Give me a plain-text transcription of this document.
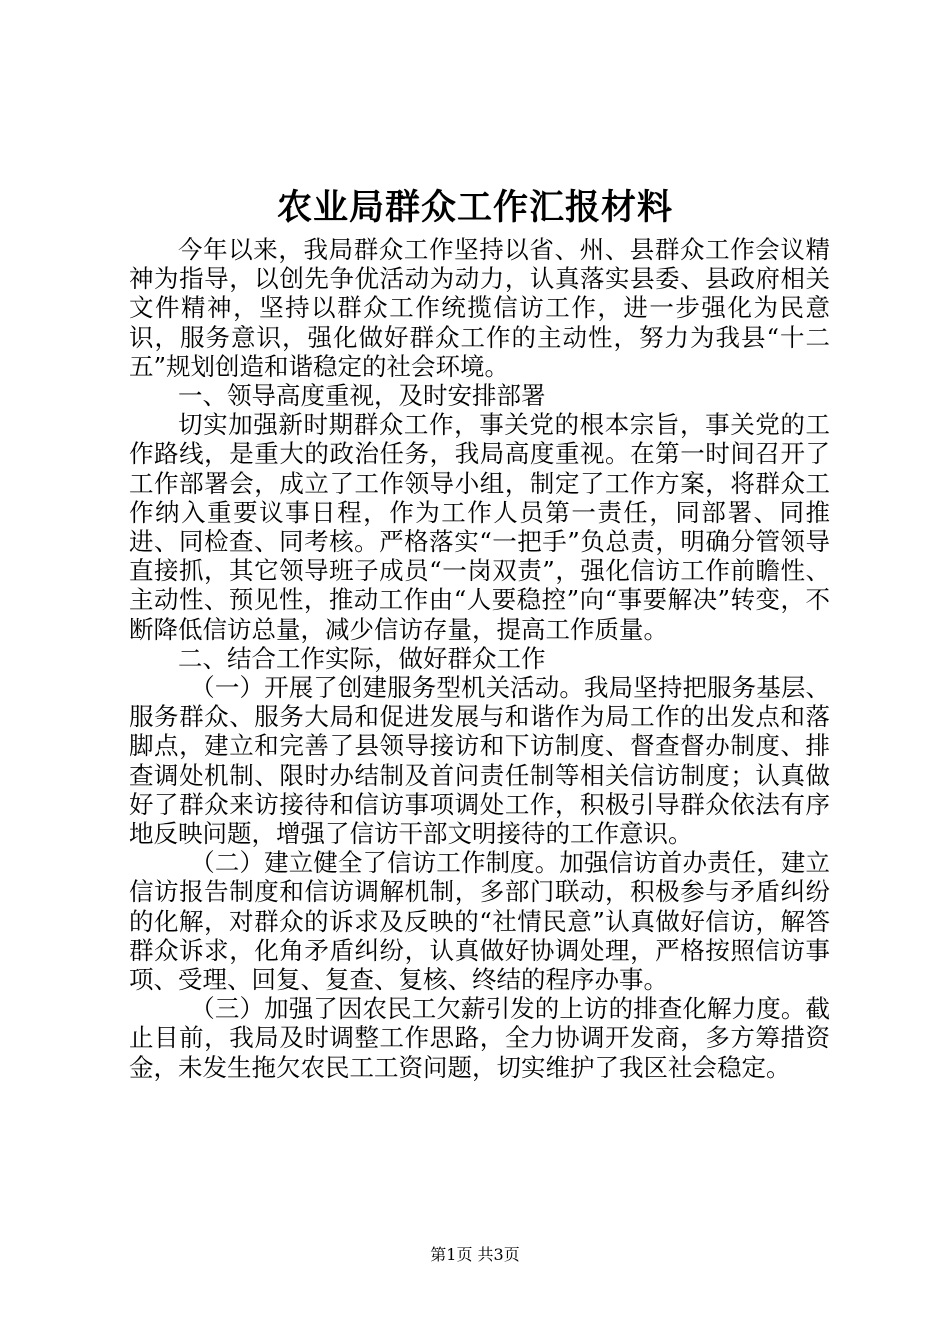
农业局群众工作汇报材料

今年以来，我局群众工作坚持以省、州、县群众工作会议精神为指导，以创先争优活动为动力，认真落实县委、县政府相关文件精神，坚持以群众工作统揽信访工作，进一步强化为民意识，服务意识，强化做好群众工作的主动性，努力为我县“十二五”规划创造和谐稳定的社会环境。

一、领导高度重视，及时安排部署

切实加强新时期群众工作，事关党的根本宗旨，事关党的工作路线，是重大的政治任务，我局高度重视。在第一时间召开了工作部署会，成立了工作领导小组，制定了工作方案，将群众工作纳入重要议事日程，作为工作人员第一责任，同部署、同推进、同检查、同考核。严格落实“一把手”负总责，明确分管领导直接抓，其它领导班子成员“一岗双责”，强化信访工作前瞻性、主动性、预见性，推动工作由“人要稳控”向“事要解决”转变，不断降低信访总量，减少信访存量，提高工作质量。

二、结合工作实际，做好群众工作

（一）开展了创建服务型机关活动。我局坚持把服务基层、服务群众、服务大局和促进发展与和谐作为局工作的出发点和落脚点，建立和完善了县领导接访和下访制度、督查督办制度、排查调处机制、限时办结制及首问责任制等相关信访制度；认真做好了群众来访接待和信访事项调处工作，积极引导群众依法有序地反映问题，增强了信访干部文明接待的工作意识。

（二）建立健全了信访工作制度。加强信访首办责任，建立信访报告制度和信访调解机制，多部门联动，积极参与矛盾纠纷的化解，对群众的诉求及反映的“社情民意”认真做好信访，解答群众诉求，化角矛盾纠纷，认真做好协调处理，严格按照信访事项、受理、回复、复查、复核、终结的程序办事。

（三）加强了因农民工欠薪引发的上访的排查化解力度。截止目前，我局及时调整工作思路，全力协调开发商，多方筹措资金，未发生拖欠农民工工资问题，切实维护了我区社会稳定。

第1页 共3页
